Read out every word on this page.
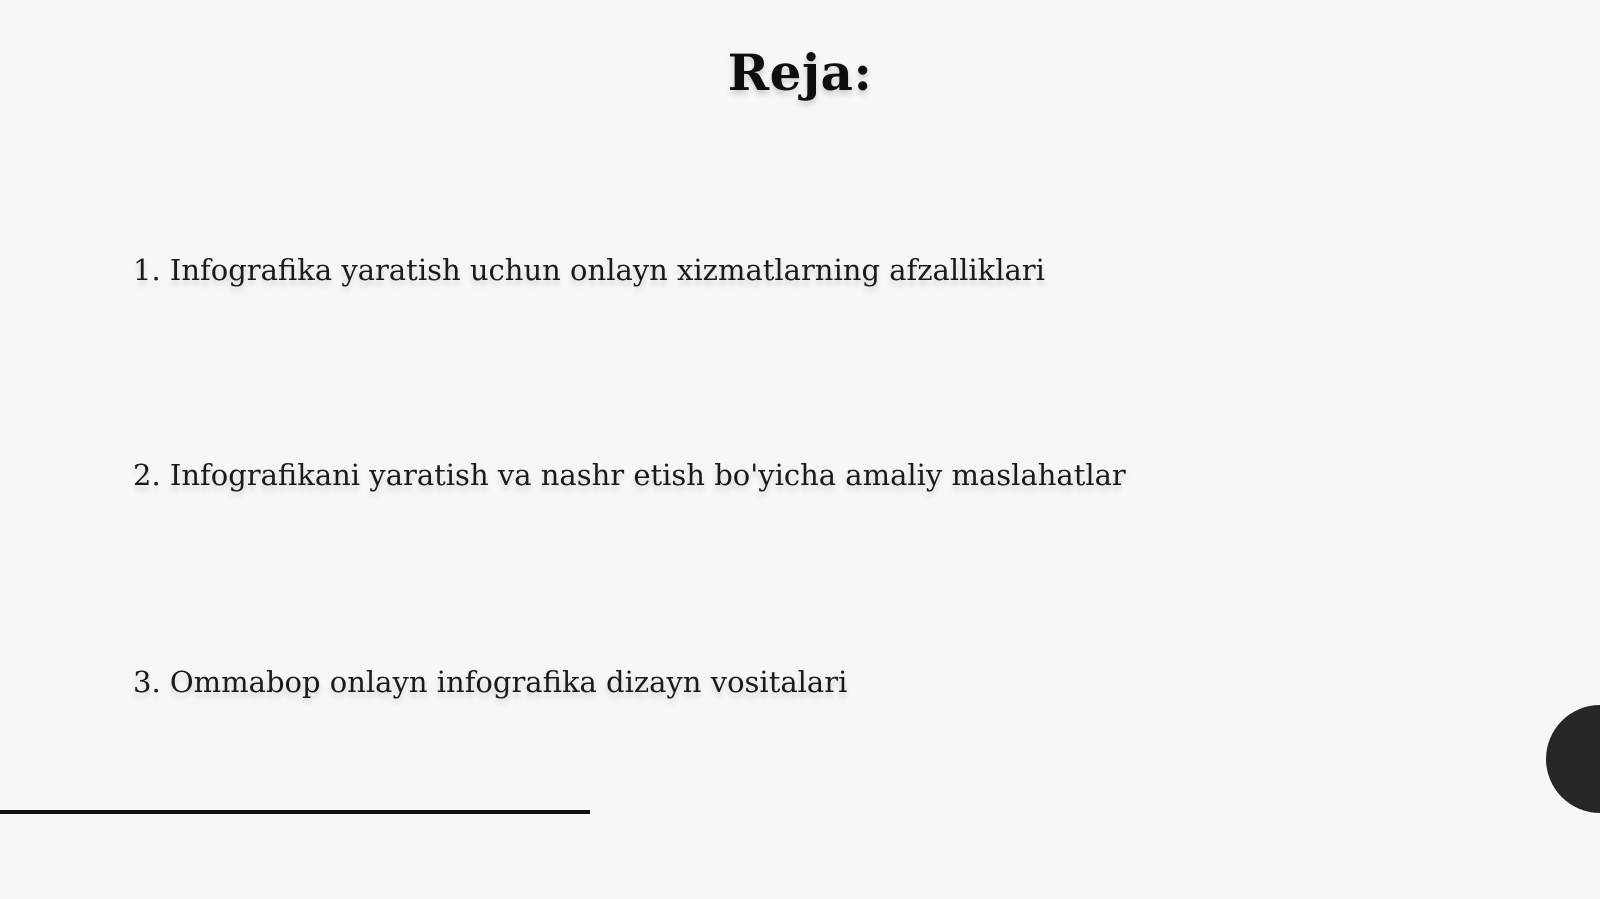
Reja:
1. Infografika yaratish uchun onlayn xizmatlarning afzalliklari
2. Infografikani yaratish va nashr etish bo'yicha amaliy maslahatlar
3. Ommabop onlayn infografika dizayn vositalari
